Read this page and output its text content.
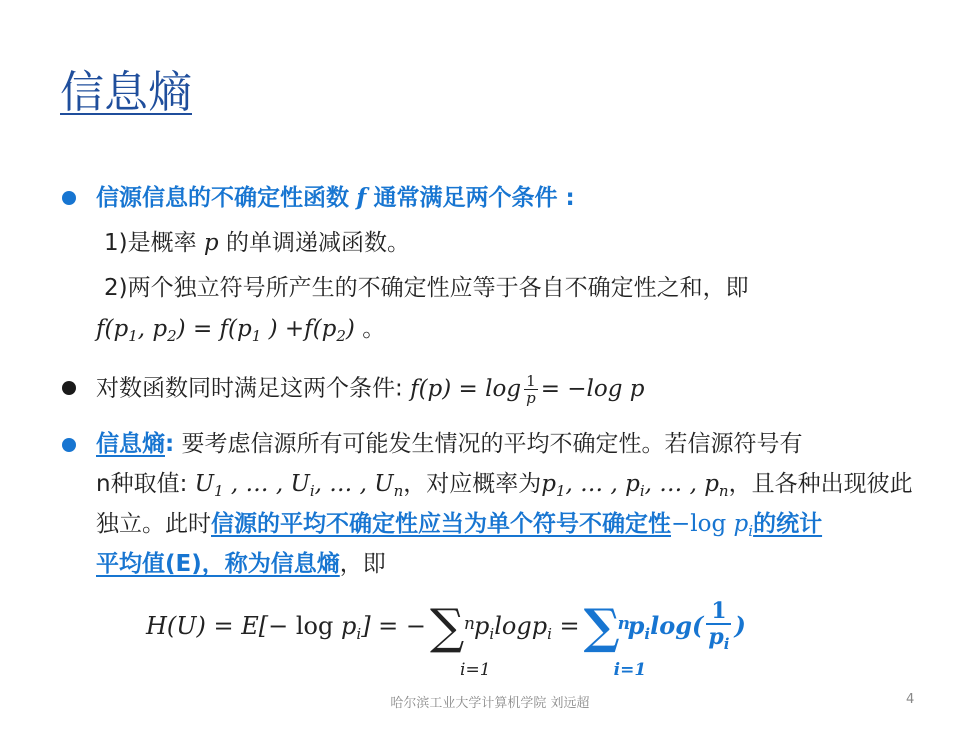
信息熵
信源信息的不确定性函数 f 通常满足两个条件 :
1)是概率 p 的单调递减函数。
2)两个独立符号所产生的不确定性应等于各自不确定性之和，即
$f(p_1$, $p_2) = f(p_1$ ) $+f(p_2)$ 。
对数函数同时满足这两个条件: $f(p) = \log \frac{1}{p} = -\log$ p
信息熵: 要考虑信源所有可能发生情况的平均不确定性。若信源符号有
n种取值: $U_1$ , … , $U_i$, … , $U_n$，对应概率为$p_1$, … , $p_i$, … , $p_n$，且各种出现彼此
独立。此时信源的平均不确定性应当为单个符号不确定性−log $p_i$的统计
平均值(E)，称为信息熵，即
$H(U) = E[- \log p_i]$ = − ∑ n
i=1
$p_i\log p_i$ = ∑
n
i=1
$p_i\log( \frac{1}{p_i}$ )
哈尔滨工业大学计算机学院 刘远超	4
